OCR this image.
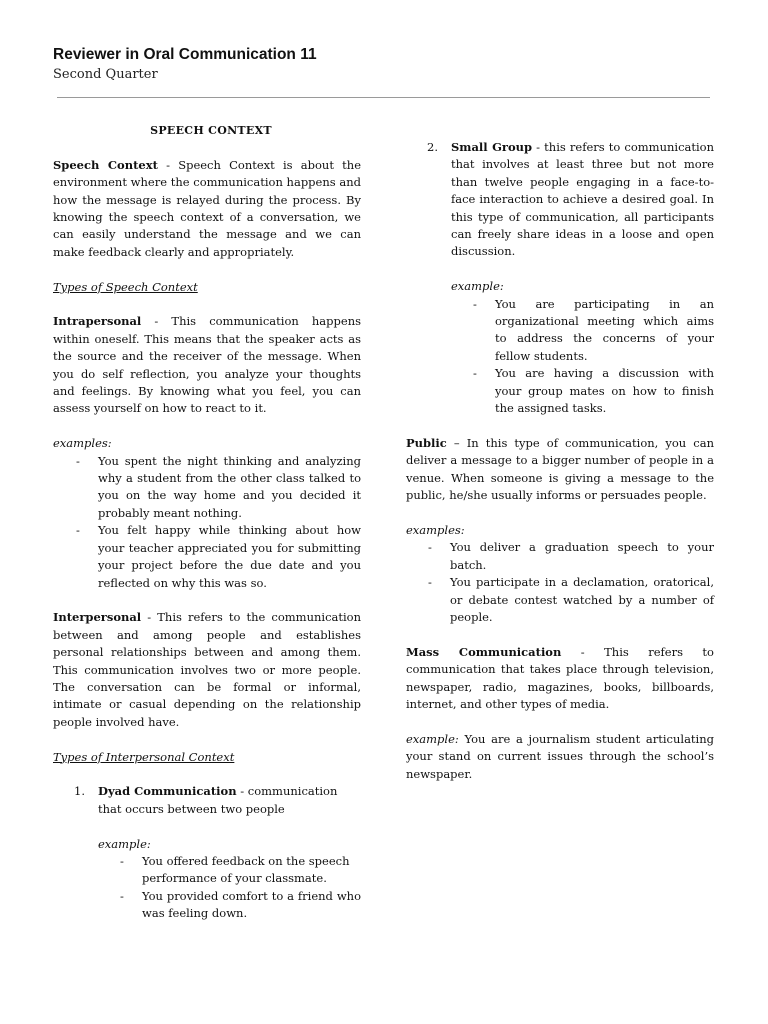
Reviewer in Oral Communication 11
Second Quarter

SPEECH CONTEXT

Speech Context - Speech Context is about the environment where the communication happens and how the message is relayed during the process. By knowing the speech context of a conversation, we can easily understand the message and we can make feedback clearly and appropriately.

Types of Speech Context

Intrapersonal - This communication happens within oneself. This means that the speaker acts as the source and the receiver of the message. When you do self reflection, you analyze your thoughts and feelings. By knowing what you feel, you can assess yourself on how to react to it.

examples:

- You spent the night thinking and analyzing why a student from the other class talked to you on the way home and you decided it probably meant nothing.
- You felt happy while thinking about how your teacher appreciated you for submitting your project before the due date and you reflected on why this was so.

Interpersonal - This refers to the communication between and among people and establishes personal relationships between and among them. This communication involves two or more people. The conversation can be formal or informal, intimate or casual depending on the relationship people involved have.

Types of Interpersonal Context

1. Dyad Communication - communication that occurs between two people

example:

- You offered feedback on the speech performance of your classmate.
- You provided comfort to a friend who was feeling down.
2. Small Group - this refers to communication that involves at least three but not more than twelve people engaging in a face-to-face interaction to achieve a desired goal. In this type of communication, all participants can freely share ideas in a loose and open discussion.

example:

- You are participating in an organizational meeting which aims to address the concerns of your fellow students.
- You are having a discussion with your group mates on how to finish the assigned tasks.

Public – In this type of communication, you can deliver a message to a bigger number of people in a venue. When someone is giving a message to the public, he/she usually informs or persuades people.

examples:

- You deliver a graduation speech to your batch.
- You participate in a declamation, oratorical, or debate contest watched by a number of people.

Mass Communication - This refers to communication that takes place through television, newspaper, radio, magazines, books, billboards, internet, and other types of media.

example: You are a journalism student articulating your stand on current issues through the school’s newspaper.
